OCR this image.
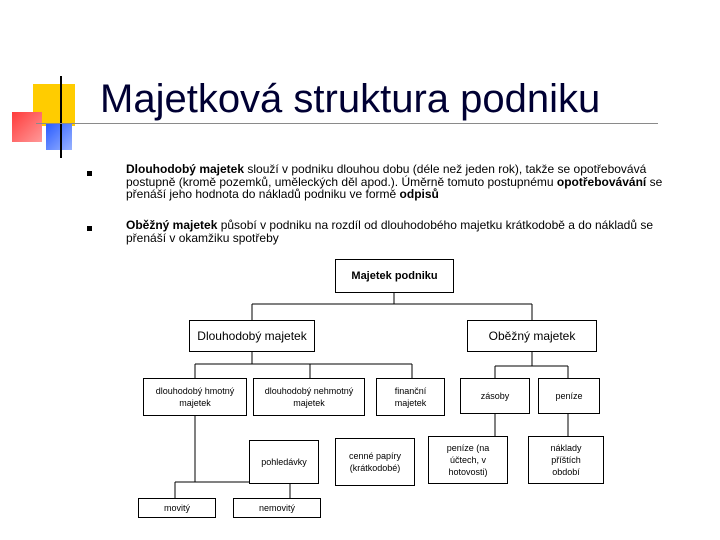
Majetková struktura podniku
Dlouhodobý majetek slouží v podniku dlouhou dobu (déle než jeden rok), takže se opotřebovává postupně (kromě pozemků, uměleckých děl apod.). Úměrně tomuto postupnému opotřebovávání se přenáší jeho hodnota do nákladů podniku ve formě odpisů
Oběžný majetek působí v podniku na rozdíl od dlouhodobého majetku krátkodobě a do nákladů se přenáší v okamžiku spotřeby
Majetek podniku
Dlouhodobý majetek	Oběžný majetek
dlouhodobý hmotný majetek
dlouhodobý nehmotný majetek
finanční majetek
zásoby	peníze
pohledávky
cenné papíry (krátkodobé)
peníze (na účtech, v hotovosti)
náklady příštích období
movitý	nemovitý
